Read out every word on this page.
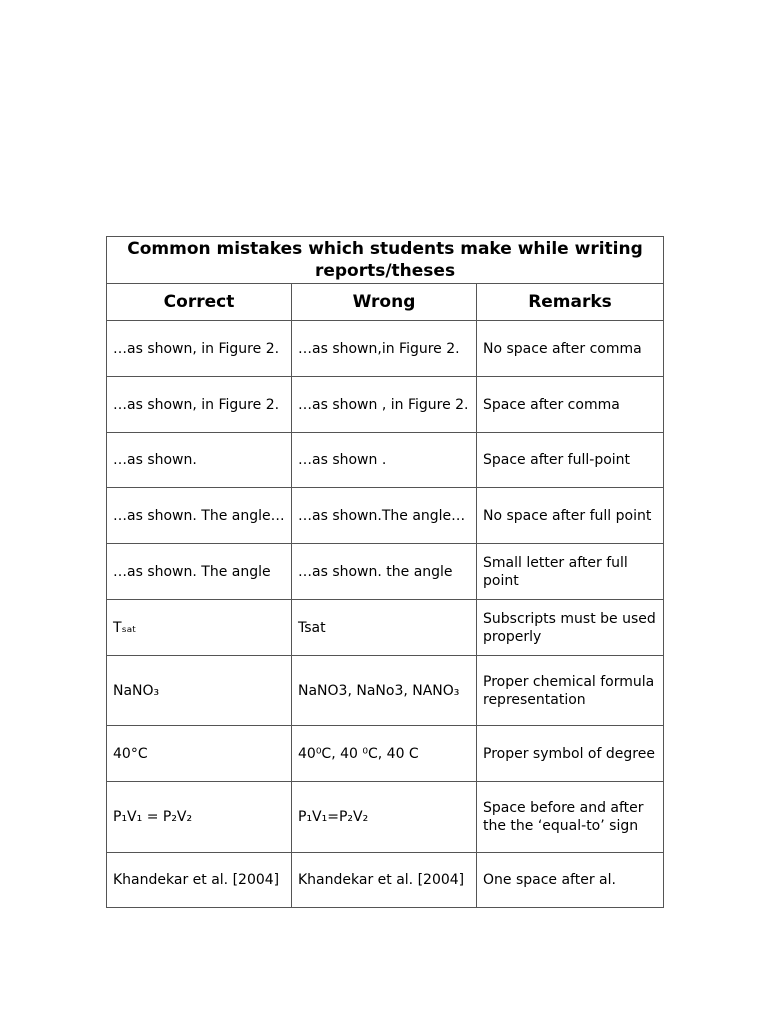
Common mistakes which students make while writing reports/theses		
Correct	Wrong	Remarks
…as shown, in Figure 2.	…as shown,in Figure 2.	No space after comma
…as shown, in Figure 2.	…as shown , in Figure 2.	Space after comma
…as shown.	…as shown .	Space after full-point
…as shown. The angle…	…as shown.The angle…	No space after full point
…as shown. The angle	…as shown. the angle	Small letter after full point
Tₛₐₜ	Tsat	Subscripts must be used properly
NaNO₃	NaNO3, NaNo3, NANO₃	Proper chemical formula representation
40°C	40⁰C, 40 ⁰C, 40 C	Proper symbol of degree
P₁V₁ = P₂V₂	P₁V₁=P₂V₂	Space before and after the the ‘equal-to’ sign
Khandekar et al. [2004]	Khandekar et al. [2004]	One space after al.
